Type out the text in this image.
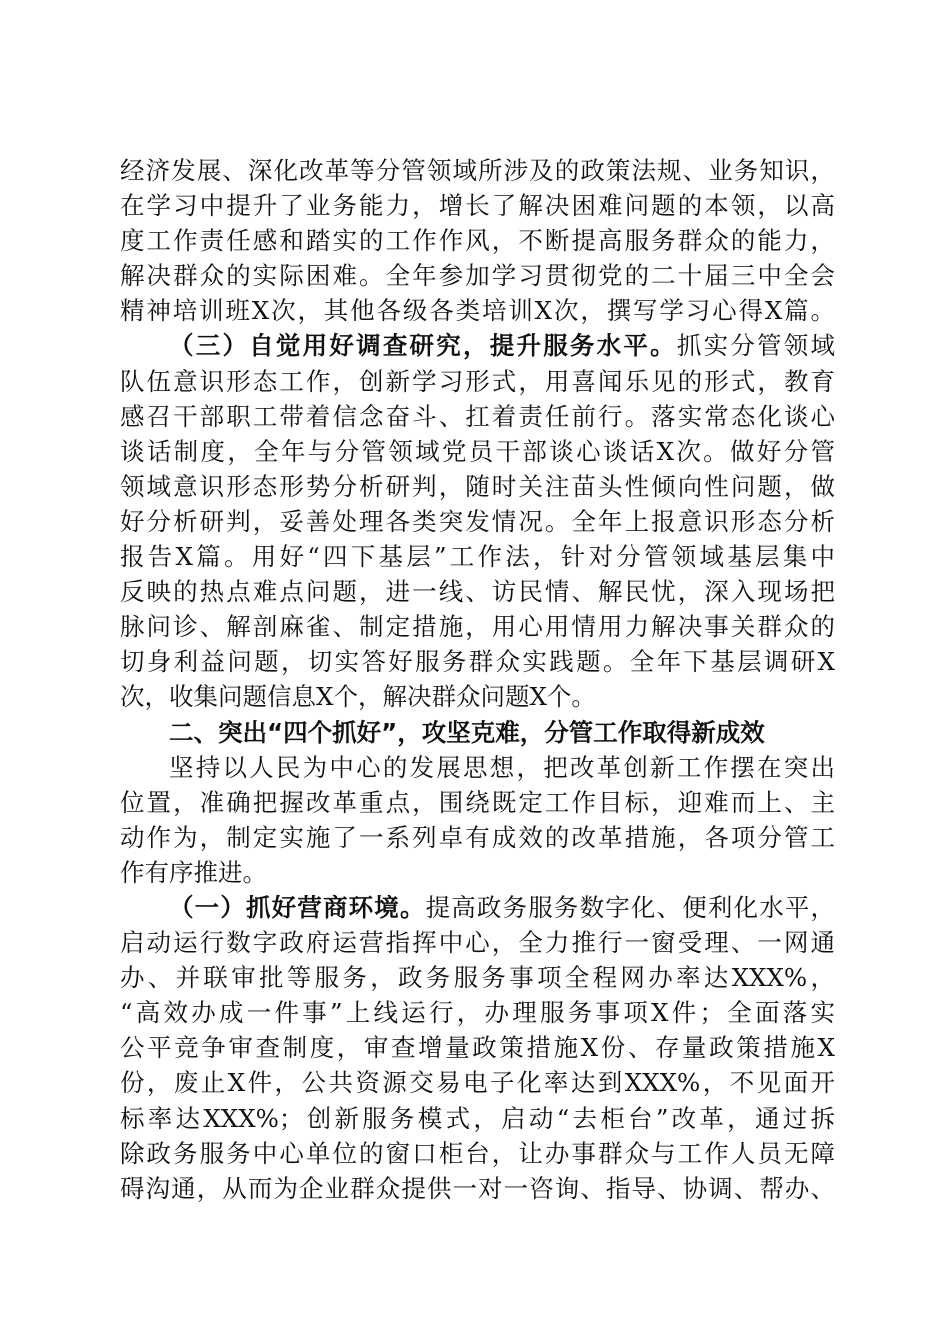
经济发展、深化改革等分管领域所涉及的政策法规、业务知识，
在学习中提升了业务能力，增长了解决困难问题的本领，以高
度工作责任感和踏实的工作作风，不断提高服务群众的能力，
解决群众的实际困难。全年参加学习贯彻党的二十届三中全会
精神培训班X次，其他各级各类培训X次，撰写学习心得X篇。
（三）自觉用好调查研究，提升服务水平。抓实分管领域
队伍意识形态工作，创新学习形式，用喜闻乐见的形式，教育
感召干部职工带着信念奋斗、扛着责任前行。落实常态化谈心
谈话制度，全年与分管领域党员干部谈心谈话X次。做好分管
领域意识形态形势分析研判，随时关注苗头性倾向性问题，做
好分析研判，妥善处理各类突发情况。全年上报意识形态分析
报告X篇。用好“四下基层”工作法，针对分管领域基层集中
反映的热点难点问题，进一线、访民情、解民忧，深入现场把
脉问诊、解剖麻雀、制定措施，用心用情用力解决事关群众的
切身利益问题，切实答好服务群众实践题。全年下基层调研X
次，收集问题信息X个，解决群众问题X个。
二、突出“四个抓好”，攻坚克难，分管工作取得新成效
坚持以人民为中心的发展思想，把改革创新工作摆在突出
位置，准确把握改革重点，围绕既定工作目标，迎难而上、主
动作为，制定实施了一系列卓有成效的改革措施，各项分管工
作有序推进。
（一）抓好营商环境。提高政务服务数字化、便利化水平，
启动运行数字政府运营指挥中心，全力推行一窗受理、一网通
办、并联审批等服务，政务服务事项全程网办率达XXX%，
“高效办成一件事”上线运行，办理服务事项X件；全面落实
公平竞争审查制度，审查增量政策措施X份、存量政策措施X
份，废止X件，公共资源交易电子化率达到XXX%，不见面开
标率达XXX%；创新服务模式，启动“去柜台”改革，通过拆
除政务服务中心单位的窗口柜台，让办事群众与工作人员无障
碍沟通，从而为企业群众提供一对一咨询、指导、协调、帮办、
